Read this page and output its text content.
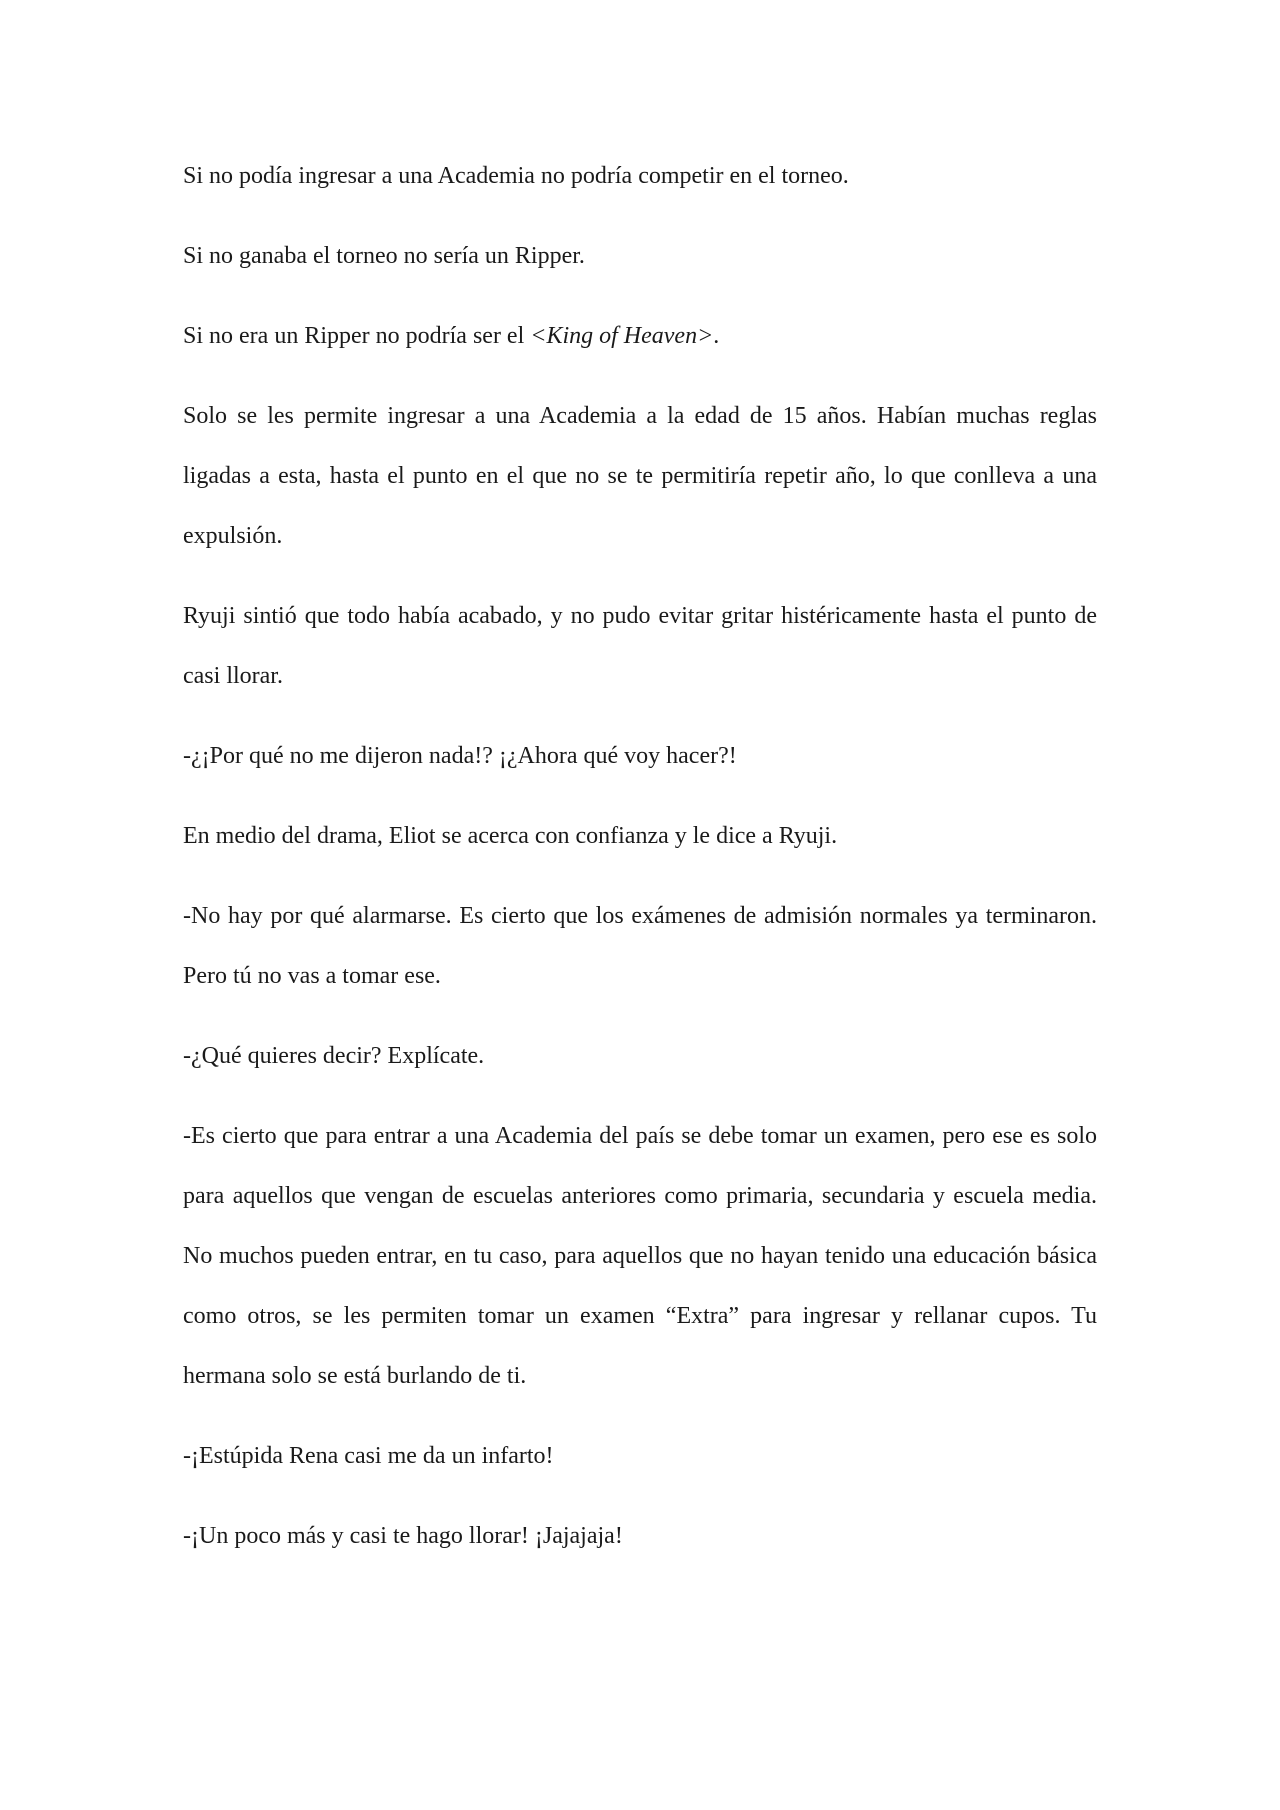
Si no podía ingresar a una Academia no podría competir en el torneo.

Si no ganaba el torneo no sería un Ripper.

Si no era un Ripper no podría ser el <King of Heaven>.

Solo se les permite ingresar a una Academia a la edad de 15 años. Habían muchas reglas ligadas a esta, hasta el punto en el que no se te permitiría repetir año, lo que conlleva a una expulsión.

Ryuji sintió que todo había acabado, y no pudo evitar gritar histéricamente hasta el punto de casi llorar.

-¿¡Por qué no me dijeron nada!? ¡¿Ahora qué voy hacer?!

En medio del drama, Eliot se acerca con confianza y le dice a Ryuji.

-No hay por qué alarmarse. Es cierto que los exámenes de admisión normales ya terminaron. Pero tú no vas a tomar ese.

-¿Qué quieres decir? Explícate.

-Es cierto que para entrar a una Academia del país se debe tomar un examen, pero ese es solo para aquellos que vengan de escuelas anteriores como primaria, secundaria y escuela media. No muchos pueden entrar, en tu caso, para aquellos que no hayan tenido una educación básica como otros, se les permiten tomar un examen “Extra” para ingresar y rellanar cupos. Tu hermana solo se está burlando de ti.

-¡Estúpida Rena casi me da un infarto!

-¡Un poco más y casi te hago llorar! ¡Jajajaja!
